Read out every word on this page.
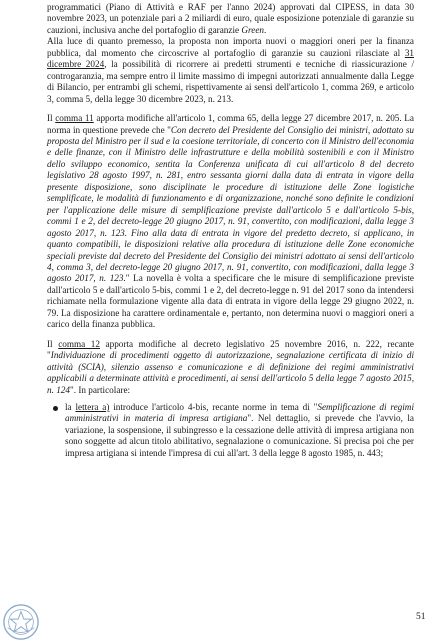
programmatici (Piano di Attività e RAF per l'anno 2024) approvati dal CIPESS, in data 30 novembre 2023, un potenziale pari a 2 miliardi di euro, quale esposizione potenziale di garanzie su cauzioni, inclusiva anche del portafoglio di garanzie Green.

Alla luce di quanto premesso, la proposta non importa nuovi o maggiori oneri per la finanza pubblica, dal momento che circoscrive al portafoglio di garanzie su cauzioni rilasciate al 31 dicembre 2024, la possibilità di ricorrere ai predetti strumenti e tecniche di riassicurazione / controgaranzia, ma sempre entro il limite massimo di impegni autorizzati annualmente dalla Legge di Bilancio, per entrambi gli schemi, rispettivamente ai sensi dell'articolo 1, comma 269, e articolo 3, comma 5, della legge 30 dicembre 2023, n. 213.

Il comma 11 apporta modifiche all'articolo 1, comma 65, della legge 27 dicembre 2017, n. 205. La norma in questione prevede che "Con decreto del Presidente del Consiglio dei ministri, adottato su proposta del Ministro per il sud e la coesione territoriale, di concerto con il Ministro dell'economia e delle finanze, con il Ministro delle infrastrutture e della mobilità sostenibili e con il Ministro dello sviluppo economico, sentita la Conferenza unificata di cui all'articolo 8 del decreto legislativo 28 agosto 1997, n. 281, entro sessanta giorni dalla data di entrata in vigore della presente disposizione, sono disciplinate le procedure di istituzione delle Zone logistiche semplificate, le modalità di funzionamento e di organizzazione, nonché sono definite le condizioni per l'applicazione delle misure di semplificazione previste dall'articolo 5 e dall'articolo 5-bis, commi 1 e 2, del decreto-legge 20 giugno 2017, n. 91, convertito, con modificazioni, dalla legge 3 agosto 2017, n. 123. Fino alla data di entrata in vigore del predetto decreto, si applicano, in quanto compatibili, le disposizioni relative alla procedura di istituzione delle Zone economiche speciali previste dal decreto del Presidente del Consiglio dei ministri adottato ai sensi dell'articolo 4, comma 3, del decreto-legge 20 giugno 2017, n. 91, convertito, con modificazioni, dalla legge 3 agosto 2017, n. 123." La novella è volta a specificare che le misure di semplificazione previste dall'articolo 5 e dall'articolo 5-bis, commi 1 e 2, del decreto-legge n. 91 del 2017 sono da intendersi richiamate nella formulazione vigente alla data di entrata in vigore della legge 29 giugno 2022, n. 79. La disposizione ha carattere ordinamentale e, pertanto, non determina nuovi o maggiori oneri a carico della finanza pubblica.

Il comma 12 apporta modifiche al decreto legislativo 25 novembre 2016, n. 222, recante "Individuazione di procedimenti oggetto di autorizzazione, segnalazione certificata di inizio di attività (SCIA), silenzio assenso e comunicazione e di definizione dei regimi amministrativi applicabili a determinate attività e procedimenti, ai sensi dell'articolo 5 della legge 7 agosto 2015, n. 124". In particolare:

la lettera a) introduce l'articolo 4-bis, recante norme in tema di "Semplificazione di regimi amministrativi in materia di impresa artigiana". Nel dettaglio, si prevede che l'avvio, la variazione, la sospensione, il subingresso e la cessazione delle attività di impresa artigiana non sono soggette ad alcun titolo abilitativo, segnalazione o comunicazione. Si precisa poi che per impresa artigiana si intende l'impresa di cui all'art. 3 della legge 8 agosto 1985, n. 443;
51
